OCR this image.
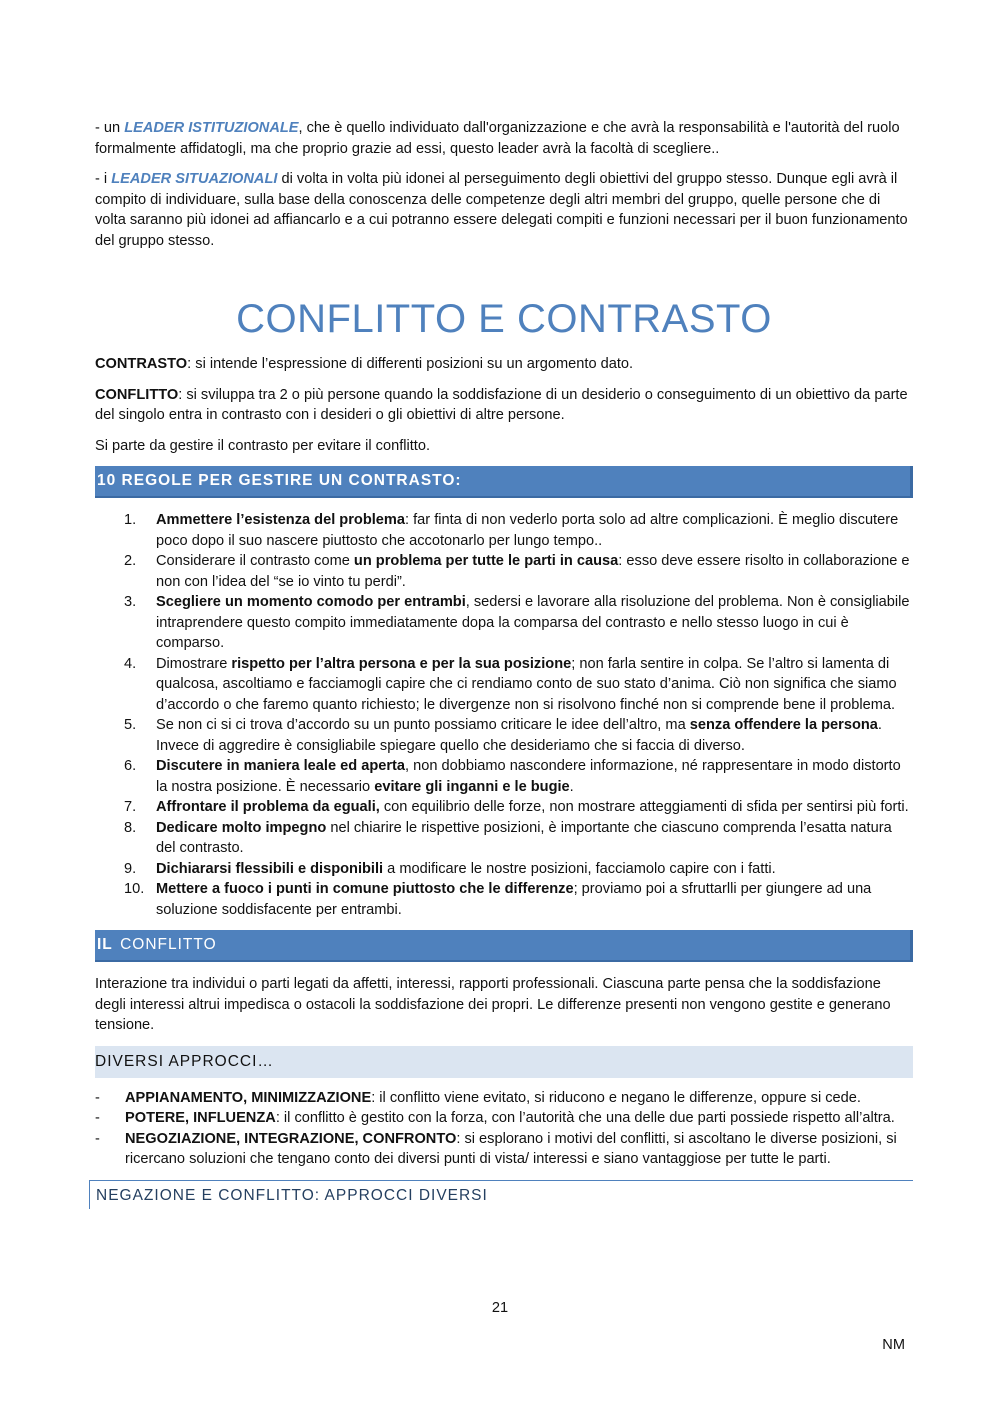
- un LEADER ISTITUZIONALE, che è quello individuato dall'organizzazione e che avrà la responsabilità e l'autorità del ruolo formalmente affidatogli, ma che proprio grazie ad essi, questo leader avrà la facoltà di scegliere..

- i LEADER SITUAZIONALI di volta in volta più idonei al perseguimento degli obiettivi del gruppo stesso. Dunque egli avrà il compito di individuare, sulla base della conoscenza delle competenze degli altri membri del gruppo, quelle persone che di volta saranno più idonei ad affiancarlo e a cui potranno essere delegati compiti e funzioni necessari per il buon funzionamento del gruppo stesso.

CONFLITTO E CONTRASTO

CONTRASTO: si intende l’espressione di differenti posizioni su un argomento dato.

CONFLITTO: si sviluppa tra 2 o più persone quando la soddisfazione di un desiderio o conseguimento di un obiettivo da parte del singolo entra in contrasto con i desideri o gli obiettivi di altre persone.

Si parte da gestire il contrasto per evitare il conflitto.

10 REGOLE PER GESTIRE UN CONTRASTO:
1. Ammettere l’esistenza del problema: far finta di non vederlo porta solo ad altre complicazioni. È meglio discutere poco dopo il suo nascere piuttosto che accotonarlo per lungo tempo..
2. Considerare il contrasto come un problema per tutte le parti in causa: esso deve essere risolto in collaborazione e non con l’idea del “se io vinto tu perdi”.
3. Scegliere un momento comodo per entrambi, sedersi e lavorare alla risoluzione del problema. Non è consigliabile intraprendere questo compito immediatamente dopa la comparsa del contrasto e nello stesso luogo in cui è comparso.
4. Dimostrare rispetto per l’altra persona e per la sua posizione; non farla sentire in colpa. Se l’altro si lamenta di qualcosa, ascoltiamo e facciamogli capire che ci rendiamo conto de suo stato d’anima. Ciò non significa che siamo d’accordo o che faremo quanto richiesto; le divergenze non si risolvono finché non si comprende bene il problema.
5. Se non ci si ci trova d’accordo su un punto possiamo criticare le idee dell’altro, ma senza offendere la persona. Invece di aggredire è consigliabile spiegare quello che desideriamo che si faccia di diverso.
6. Discutere in maniera leale ed aperta, non dobbiamo nascondere informazione, né rappresentare in modo distorto la nostra posizione. È necessario evitare gli inganni e le bugie.
7. Affrontare il problema da eguali, con equilibrio delle forze, non mostrare atteggiamenti di sfida per sentirsi più forti.
8. Dedicare molto impegno nel chiarire le rispettive posizioni, è importante che ciascuno comprenda l’esatta natura del contrasto.
9. Dichiararsi flessibili e disponibili a modificare le nostre posizioni, facciamolo capire con i fatti.
10. Mettere a fuoco i punti in comune piuttosto che le differenze; proviamo poi a sfruttarlli per giungere ad una soluzione soddisfacente per entrambi.
IL CONFLITTO

Interazione tra individui o parti legati da affetti, interessi, rapporti professionali. Ciascuna parte pensa che la soddisfazione degli interessi altrui impedisca o ostacoli la soddisfazione dei propri. Le differenze presenti non vengono gestite e generano tensione.

DIVERSI APPROCCI…
- APPIANAMENTO, MINIMIZZAZIONE: il conflitto viene evitato, si riducono e negano le differenze, oppure si cede.
- POTERE, INFLUENZA: il conflitto è gestito con la forza, con l’autorità che una delle due parti possiede rispetto all’altra.
- NEGOZIAZIONE, INTEGRAZIONE, CONFRONTO: si esplorano i motivi del conflitti, si ascoltano le diverse posizioni, si ricercano soluzioni che tengano conto dei diversi punti di vista/ interessi e siano vantaggiose per tutte le parti.
NEGAZIONE E CONFLITTO: APPROCCI DIVERSI
21
NM
